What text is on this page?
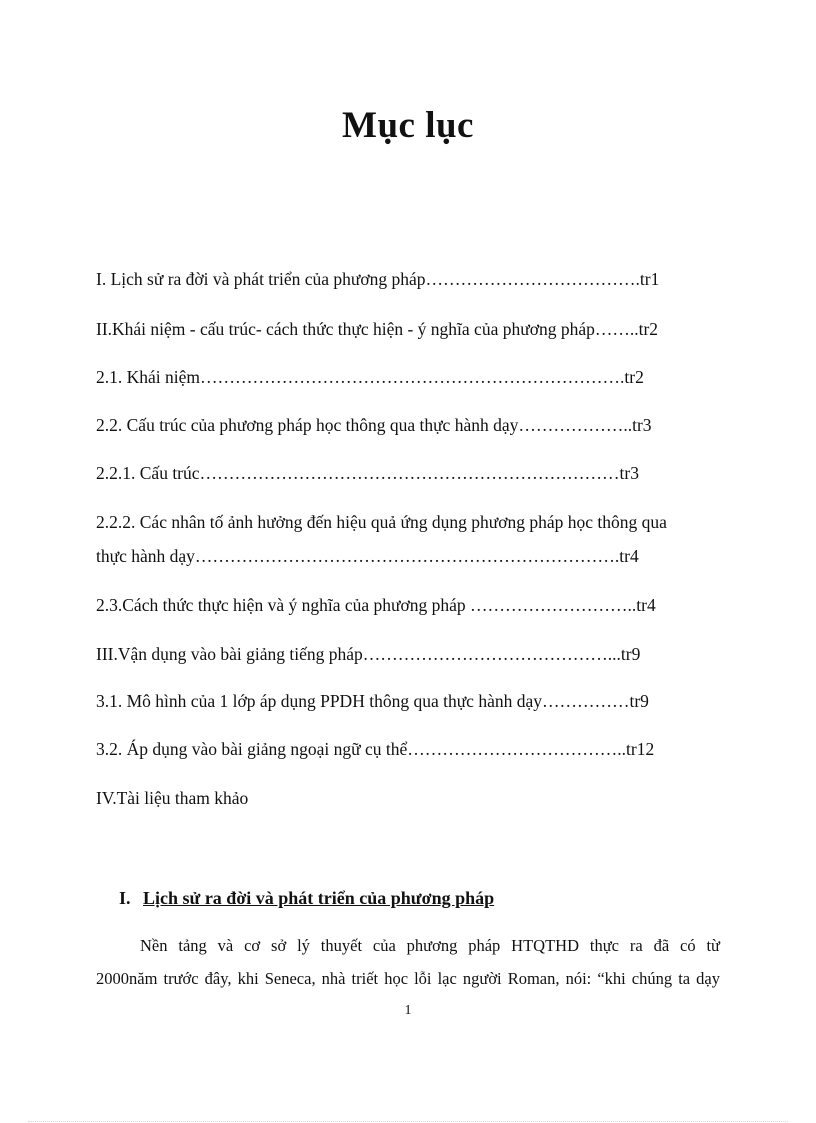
Mục lục
I. Lịch sử ra đời và phát triển của phương pháp……………………………….tr1
II.Khái niệm - cấu trúc- cách thức thực hiện - ý nghĩa của phương pháp……..tr2
2.1. Khái niệm……………………………………………………………….tr2
2.2. Cấu trúc của phương pháp học thông qua thực hành dạy………………..tr3
2.2.1. Cấu trúc………………………………………………………………tr3
2.2.2. Các nhân tố ảnh hưởng đến hiệu quả ứng dụng phương pháp học thông qua
thực hành dạy……………………………………………………………….tr4
2.3.Cách thức thực hiện và ý nghĩa của phương pháp ………………………..tr4
III.Vận dụng vào bài giảng tiếng pháp……………………………………...tr9
3.1. Mô hình của 1 lớp áp dụng PPDH thông qua thực hành dạy……………tr9
3.2. Áp dụng vào bài giảng ngoại ngữ cụ thể………………………………..tr12
IV.Tài liệu tham khảo
I. Lịch sử ra đời và phát triển của phương pháp
Nền tảng và cơ sở lý thuyết của phương pháp HTQTHD thực ra đã có từ
2000năm trước đây, khi Seneca, nhà triết học lỗi lạc người Roman, nói: “khi chúng ta dạy
1
